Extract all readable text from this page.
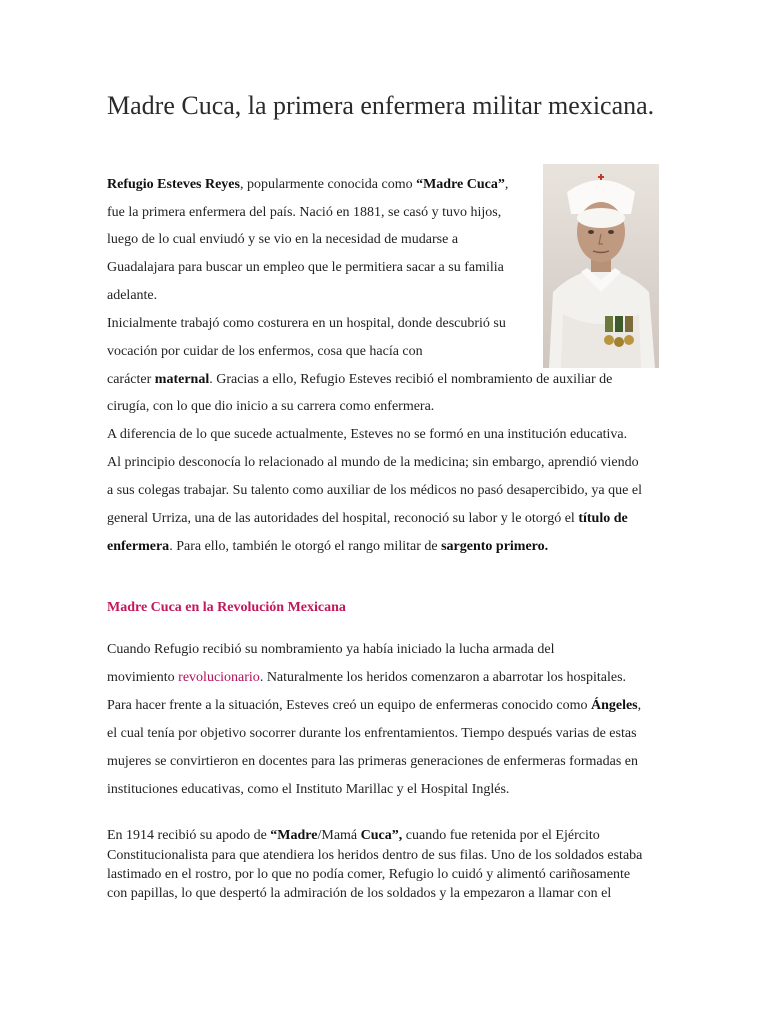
Madre Cuca, la primera enfermera militar mexicana.

Refugio Esteves Reyes, popularmente conocida como “Madre Cuca”,

fue la primera enfermera del país. Nació en 1881, se casó y tuvo hijos,

luego de lo cual enviudó y se vio en la necesidad de mudarse a

Guadalajara para buscar un empleo que le permitiera sacar a su familia

adelante.

Inicialmente trabajó como costurera en un hospital, donde descubrió su

vocación por cuidar de los enfermos, cosa que hacía con

carácter maternal. Gracias a ello, Refugio Esteves recibió el nombramiento de auxiliar de

cirugía, con lo que dio inicio a su carrera como enfermera.

A diferencia de lo que sucede actualmente, Esteves no se formó en una institución educativa.

Al principio desconocía lo relacionado al mundo de la medicina; sin embargo, aprendió viendo

a sus colegas trabajar. Su talento como auxiliar de los médicos no pasó desapercibido, ya que el

general Urriza, una de las autoridades del hospital, reconoció su labor y le otorgó el título de

enfermera. Para ello, también le otorgó el rango militar de sargento primero.

Madre Cuca en la Revolución Mexicana

Cuando Refugio recibió su nombramiento ya había iniciado la lucha armada del

movimiento revolucionario. Naturalmente los heridos comenzaron a abarrotar los hospitales.

Para hacer frente a la situación, Esteves creó un equipo de enfermeras conocido como Ángeles,

el cual tenía por objetivo socorrer durante los enfrentamientos. Tiempo después varias de estas

mujeres se convirtieron en docentes para las primeras generaciones de enfermeras formadas en

instituciones educativas, como el Instituto Marillac y el Hospital Inglés.

En 1914 recibió su apodo de “Madre/Mamá Cuca”, cuando fue retenida por el Ejército

Constitucionalista para que atendiera los heridos dentro de sus filas. Uno de los soldados estaba

lastimado en el rostro, por lo que no podía comer, Refugio lo cuidó y alimentó cariñosamente

con papillas, lo que despertó la admiración de los soldados y la empezaron a llamar con el
